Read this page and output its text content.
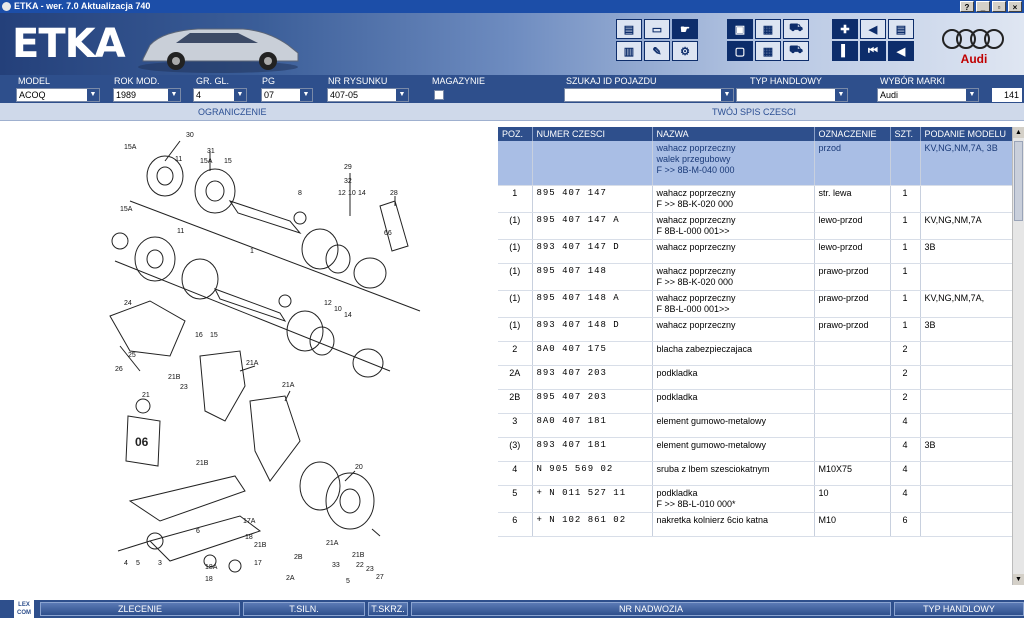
ETKA - wer. 7.0 Aktualizacja 740	?	_	▫	×
ETKA	▤	▭	☛
▥	✎	⚙
▣	▦	⛟
▢	▦	⛟
✚	◀	▤
▌	⏮	◀
Audi
MODEL	ROK MOD.	GR. GL.	PG	NR RYSUNKU	MAGAZYNIE	SZUKAJ ID POJAZDU	TYP HANDLOWY	WYBÓR MARKI
ACOQ	▼	1989	▼	4	▼	07	▼	407-05	▼	▼	▼	Audi	▼	141
OGRANICZENIE	TWÓJ SPIS CZESCI
30
15A
31
11	15A 15
29
32
8	12 10 14	28
66
15A
11
1
24
16 15
12
10
14
26
25
21B
21A
21A
23
21
21B
20
17A
18
21B	21A
6
4 5	3
18A
18
17	22
27
33
2B
2A
23
21B
5
06
POZ.	NUMER CZESCI	NAZWA	OZNACZENIE	SZT.	PODANIE MODELU

		wahacz poprzeczny
walek przegubowy
F >> 8B-M-040 000	przod		KV,NG,NM,7A, 3B
1	895 407 147	wahacz poprzeczny
F >> 8B-K-020 000	str. lewa	1	
(1)	895 407 147 A	wahacz poprzeczny
F 8B-L-000 001>>	lewo-przod	1	KV,NG,NM,7A
(1)	893 407 147 D	wahacz poprzeczny	lewo-przod	1	3B
(1)	895 407 148	wahacz poprzeczny
F >> 8B-K-020 000	prawo-przod	1	
(1)	895 407 148 A	wahacz poprzeczny
F 8B-L-000 001>>	prawo-przod	1	KV,NG,NM,7A,
(1)	893 407 148 D	wahacz poprzeczny	prawo-przod	1	3B
2	8A0 407 175	blacha zabezpieczajaca		2	
2A	893 407 203	podkladka		2	
2B	895 407 203	podkladka		2	
3	8A0 407 181	element gumowo-metalowy		4	
(3)	893 407 181	element gumowo-metalowy		4	3B
4	N 905 569 02	sruba z lbem szesciokatnym	M10X75	4	
5	+ N 011 527 11	podkladka
F >> 8B-L-010 000*	10	4	
6	+ N 102 861 02	nakretka kolnierz 6cio katna	M10	6	
▲
▼
LEX COM	ZLECENIE	T.SILN.	T.SKRZ.	NR NADWOZIA	TYP HANDLOWY
